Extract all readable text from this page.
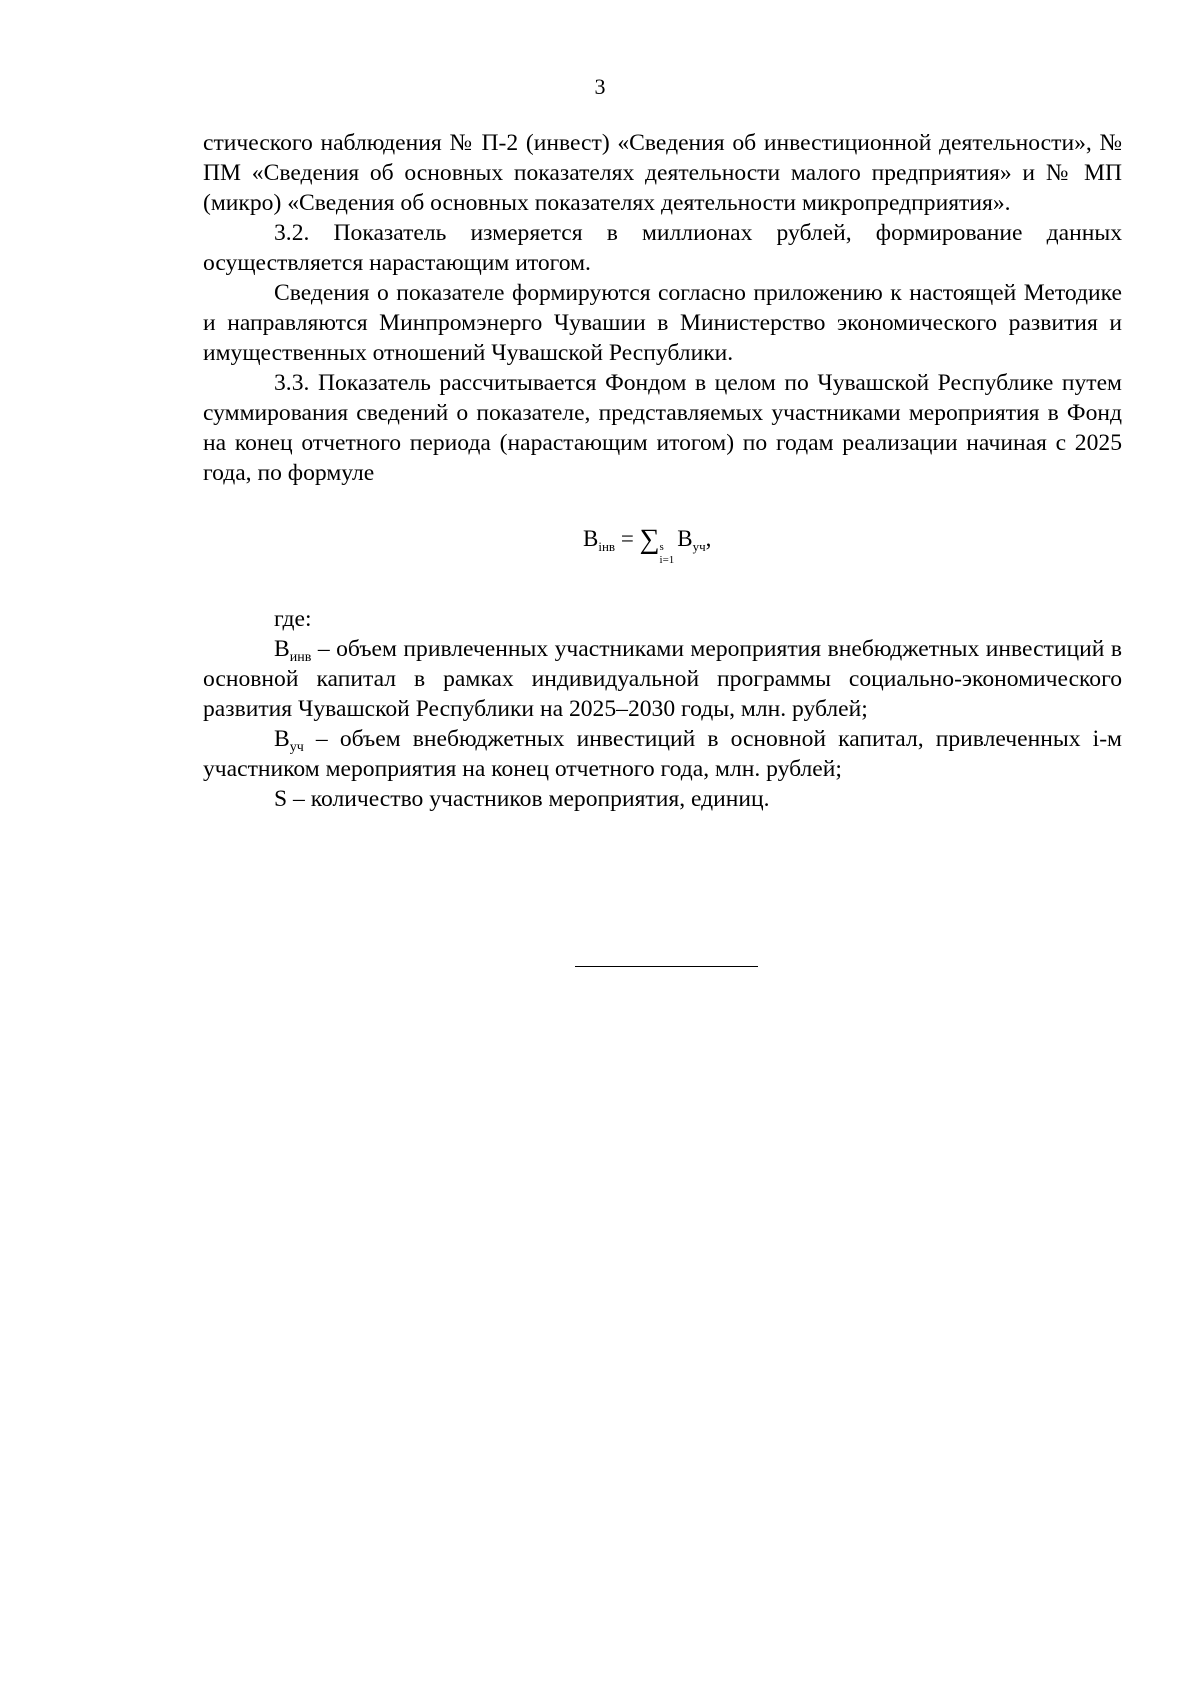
3

стического наблюдения № П-2 (инвест) «Сведения об инвестиционной деятельности», № ПМ «Сведения об основных показателях деятельности малого предприятия» и № МП (микро) «Сведения об основных показателях деятельности микропредприятия».

3.2. Показатель измеряется в миллионах рублей, формирование данных осуществляется нарастающим итогом.

Сведения о показателе формируются согласно приложению к настоящей Методике и направляются Минпромэнерго Чувашии в Министерство экономического развития и имущественных отношений Чувашской Республики.

3.3. Показатель рассчитывается Фондом в целом по Чувашской Республике путем суммирования сведений о показателе, представляемых участниками мероприятия в Фонд на конец отчетного периода (нарастающим итогом) по годам реализации начиная с 2025 года, по формуле

$B_{iнв}$ = ∑ s
i=1
$B_{уч}$,

где:

$B_{инв}$ – объем привлеченных участниками мероприятия внебюджетных инвестиций в основной капитал в рамках индивидуальной программы социально-экономического развития Чувашской Республики на 2025–2030 годы, млн. рублей;

$B_{уч}$ – объем внебюджетных инвестиций в основной капитал, привлеченных i-м участником мероприятия на конец отчетного года, млн. рублей;

S – количество участников мероприятия, единиц.
